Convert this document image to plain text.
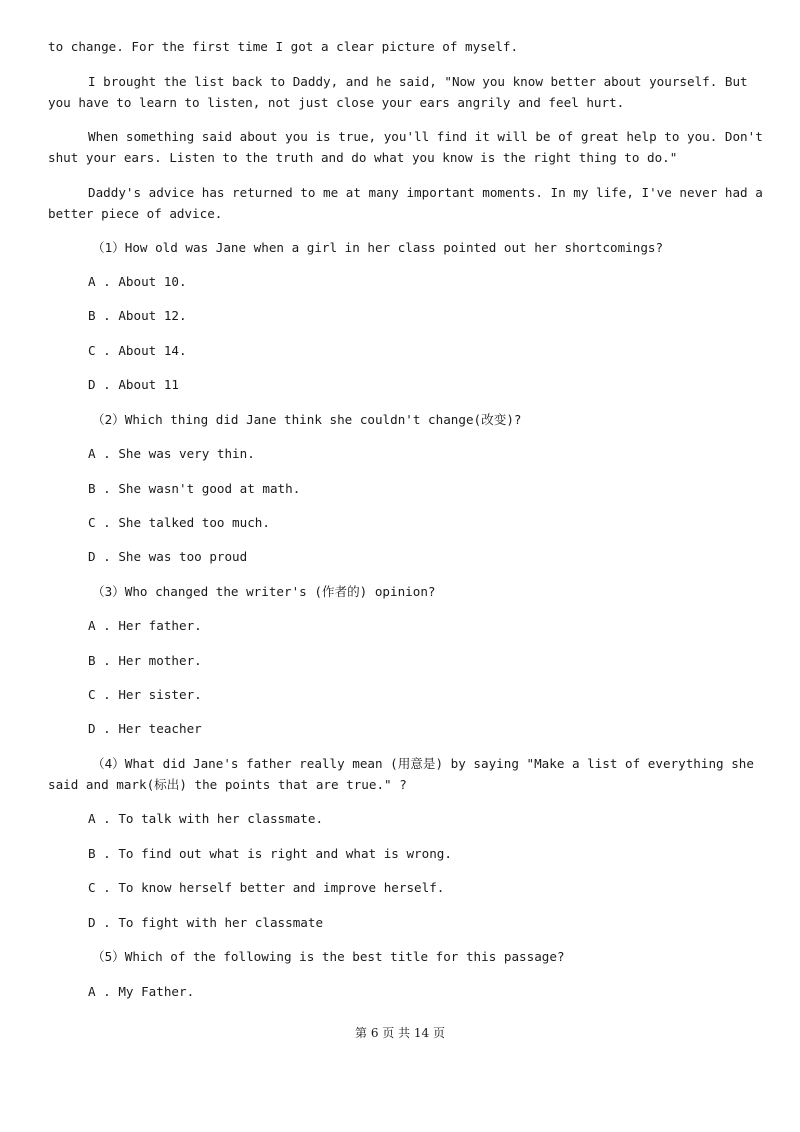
to change. For the first time I got a clear picture of myself.
I brought the list back to Daddy, and he said, "Now you know better about yourself. But you have to learn to listen, not just close your ears angrily and feel hurt.
When something said about you is true, you'll find it will be of great help to you. Don't shut your ears. Listen to the truth and do what you know is the right thing to do."
Daddy's advice has returned to me at many important moments. In my life, I've never had a better piece of advice.
（1）How old was Jane when a girl in her class pointed out her shortcomings?
A . About 10.
B . About 12.
C . About 14.
D . About 11
（2）Which thing did Jane think she couldn't change(改变)?
A . She was very thin.
B . She wasn't good at math.
C . She talked too much.
D . She was too proud
（3）Who changed the writer's (作者的) opinion?
A . Her father.
B . Her mother.
C . Her sister.
D . Her teacher
（4）What did Jane's father really mean (用意是) by saying "Make a list of everything she said and mark(标出) the points that are true." ?
A . To talk with her classmate.
B . To find out what is right and what is wrong.
C . To know herself better and improve herself.
D . To fight with her classmate
（5）Which of the following is the best title for this passage?
A . My Father.
第 6 页 共 14 页
